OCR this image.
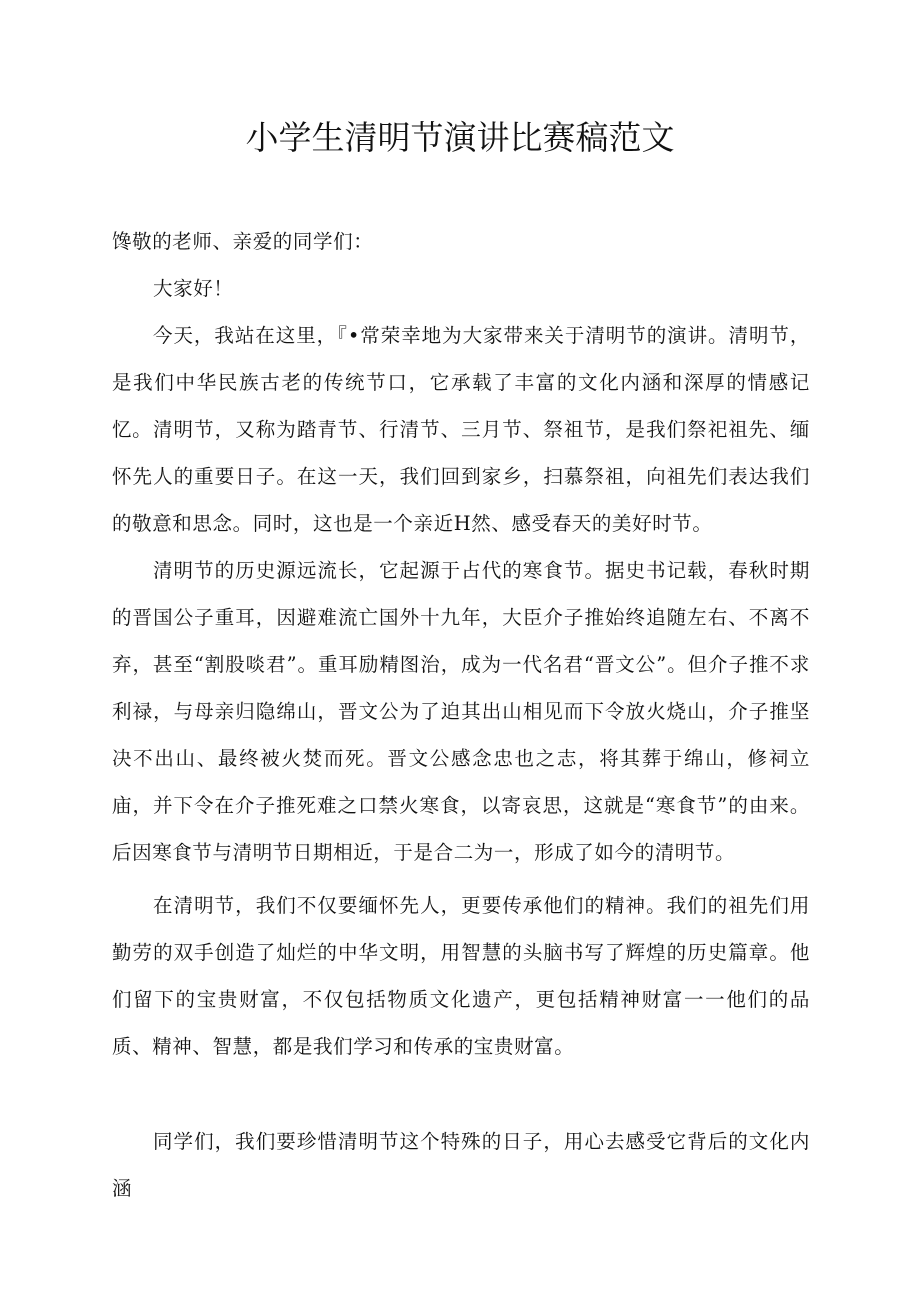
小学生清明节演讲比赛稿范文

馋敬的老师、亲爱的同学们：

大家好！

今天，我站在这里，『•常荣幸地为大家带来关于清明节的演讲。清明节，是我们中华民族古老的传统节口，它承载了丰富的文化内涵和深厚的情感记忆。 清明节，又称为踏青节、行清节、三月节、祭祖节，是我们祭祀祖先、缅怀先人的重要日子。在这一天，我们回到家乡，扫慕祭祖，向祖先们表达我们的敬意和思念。同时，这也是一个亲近H然、感受春天的美好时节。

清明节的历史源远流长，它起源于占代的寒食节。据史书记载，春秋时期的晋国公子重耳，因避难流亡国外十九年，大臣介子推始终追随左右、不离不弃，甚至“割股啖君”。重耳励精图治，成为一代名君“晋文公”。但介子推不求利禄，与母亲归隐绵山，晋文公为了迫其出山相见而下令放火烧山，介子推坚决不出山、最终被火焚而死。晋文公感念忠也之志，将其葬于绵山，修祠立庙，并下令在介子推死难之口禁火寒食，以寄哀思，这就是“寒食节”的由来。后因寒食节与清明节日期相近，于是合二为一，形成了如今的清明节。

在清明节，我们不仅要缅怀先人，更要传承他们的精神。我们的祖先们用勤劳的双手创造了灿烂的中华文明，用智慧的头脑书写了辉煌的历史篇章。他们留下的宝贵财富，不仅包括物质文化遗产，更包括精神财富一一他们的品质、精神、智慧，都是我们学习和传承的宝贵财富。

同学们，我们要珍惜清明节这个特殊的日子，用心去感受它背后的文化内涵
